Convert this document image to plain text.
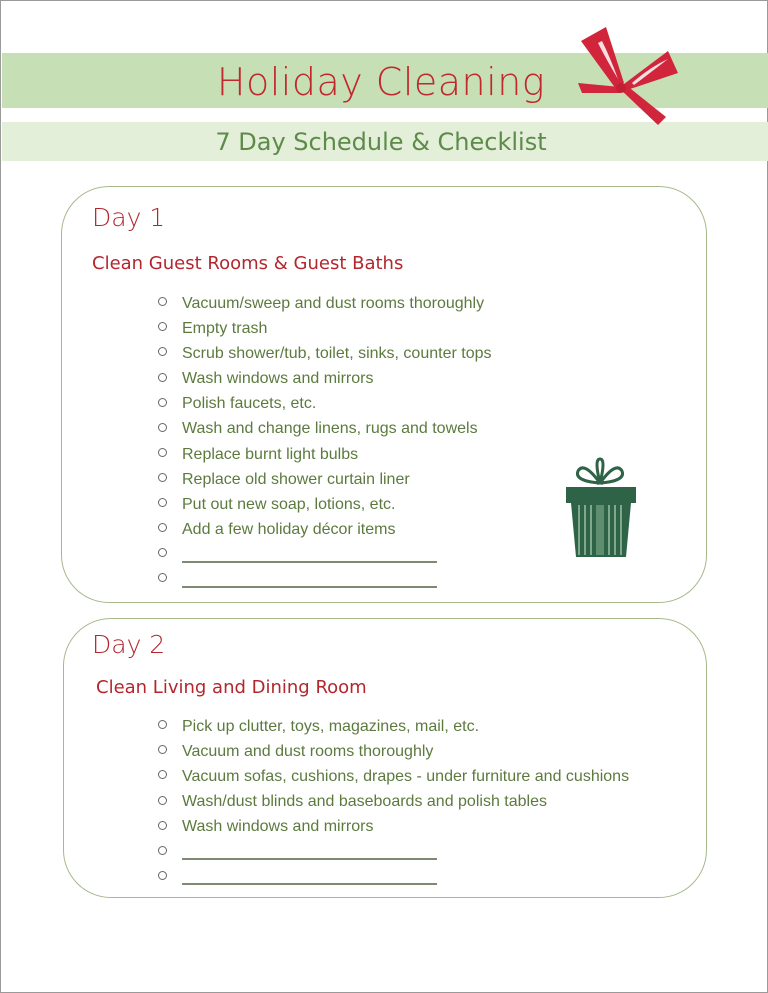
Holiday Cleaning
7 Day Schedule & Checklist
Day 1
Clean Guest Rooms & Guest Baths
Vacuum/sweep and dust rooms thoroughly
Empty trash
Scrub shower/tub, toilet, sinks, counter tops
Wash windows and mirrors
Polish faucets, etc.
Wash and change linens, rugs and towels
Replace burnt light bulbs
Replace old shower curtain liner
Put out new soap, lotions, etc.
Add a few holiday décor items
Day 2
Clean Living and Dining Room
Pick up clutter, toys, magazines, mail, etc.
Vacuum and dust rooms thoroughly
Vacuum sofas, cushions, drapes - under furniture and cushions
Wash/dust blinds and baseboards and polish tables
Wash windows and mirrors
